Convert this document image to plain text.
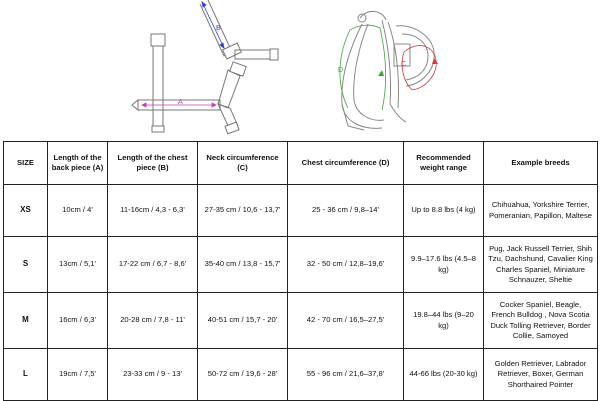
A
B
D
C
SIZE	Length of the back piece (A)	Length of the chest piece (B)	Neck circumference (C)	Chest circumference (D)	Recommended weight range	Example breeds
XS	10cm / 4'	11-16cm / 4,3 - 6,3'	27-35 cm / 10,6 - 13,7'	25 - 36 cm / 9,8–14'	Up to 8.8 lbs (4 kg)	Chihuahua, Yorkshire Terrier, Pomeranian, Papillon, Maltese
S	13cm / 5,1'	17-22 cm / 6,7 - 8,6'	35-40 cm / 13,8 - 15,7'	32 - 50 cm / 12,8–19,6'	9.9–17.6 lbs (4.5–8 kg)	Pug, Jack Russell Terrier, Shih Tzu, Dachshund, Cavalier King Charles Spaniel, Miniature Schnauzer, Sheltie
M	16cm / 6,3'	20-28 cm / 7,8 - 11'	40-51 cm / 15,7 - 20'	42 - 70 cm / 16,5–27,5'	19.8–44 lbs (9–20 kg)	Cocker Spaniel, Beagle, French Bulldog , Nova Scotia Duck Tolling Retriever, Border Collie, Samoyed
L	19cm / 7,5'	23-33 cm / 9 - 13'	50-72 cm / 19,6 - 28'	55 - 96 cm / 21,6–37,8'	44-66 lbs (20-30 kg)	Golden Retriever, Labrador Retriever, Boxer, German Shorthaired Pointer
